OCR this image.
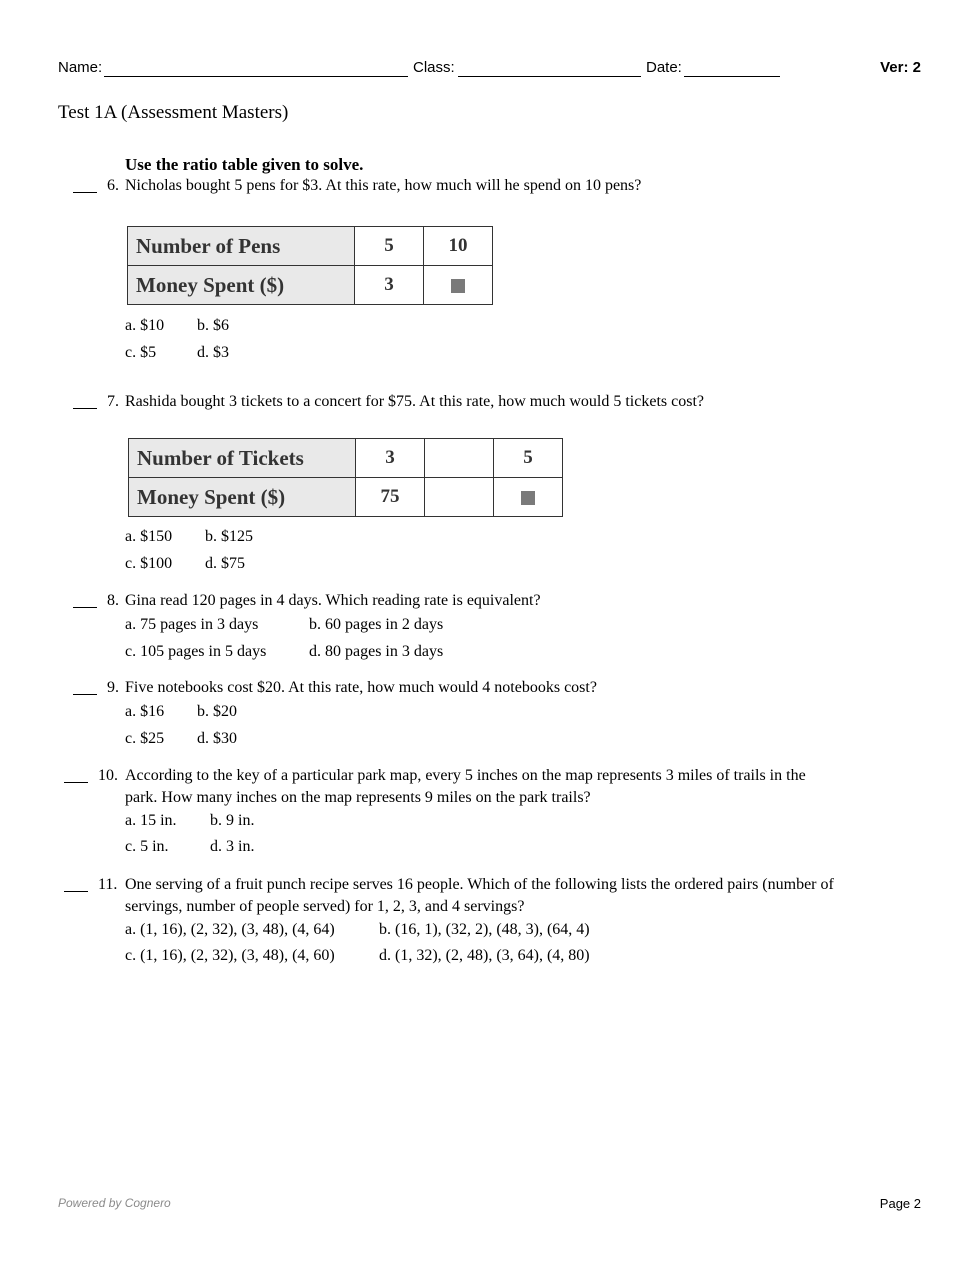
Name:	Class:	Date:	Ver: 2
Test 1A (Assessment Masters)
Use the ratio table given to solve.
6. Nicholas bought 5 pens for $3. At this rate, how much will he spend on 10 pens?
Number of Pens	5	10
Money Spent ($)	3	
a. $10 b. $6
c. $5	d. $3
7. Rashida bought 3 tickets to a concert for $75. At this rate, how much would 5 tickets cost?
Number of Tickets	3		5
Money Spent ($)	75		
a. $150 b. $125
c. $100 d. $75
8. Gina read 120 pages in 4 days. Which reading rate is equivalent?
a. 75 pages in 3 days	b. 60 pages in 2 days
c. 105 pages in 5 days	d. 80 pages in 3 days
9. Five notebooks cost $20. At this rate, how much would 4 notebooks cost?
a. $16 b. $20
c. $25 d. $30
10. According to the key of a particular park map, every 5 inches on the map represents 3 miles of trails in the
park. How many inches on the map represents 9 miles on the park trails?
a. 15 in. b. 9 in.
c. 5 in.	d. 3 in.
11. One serving of a fruit punch recipe serves 16 people. Which of the following lists the ordered pairs (number of
servings, number of people served) for 1, 2, 3, and 4 servings?
a. (1, 16), (2, 32), (3, 48), (4, 64)	b. (16, 1), (32, 2), (48, 3), (64, 4)
c. (1, 16), (2, 32), (3, 48), (4, 60)	d. (1, 32), (2, 48), (3, 64), (4, 80)
Powered by Cognero	Page 2
